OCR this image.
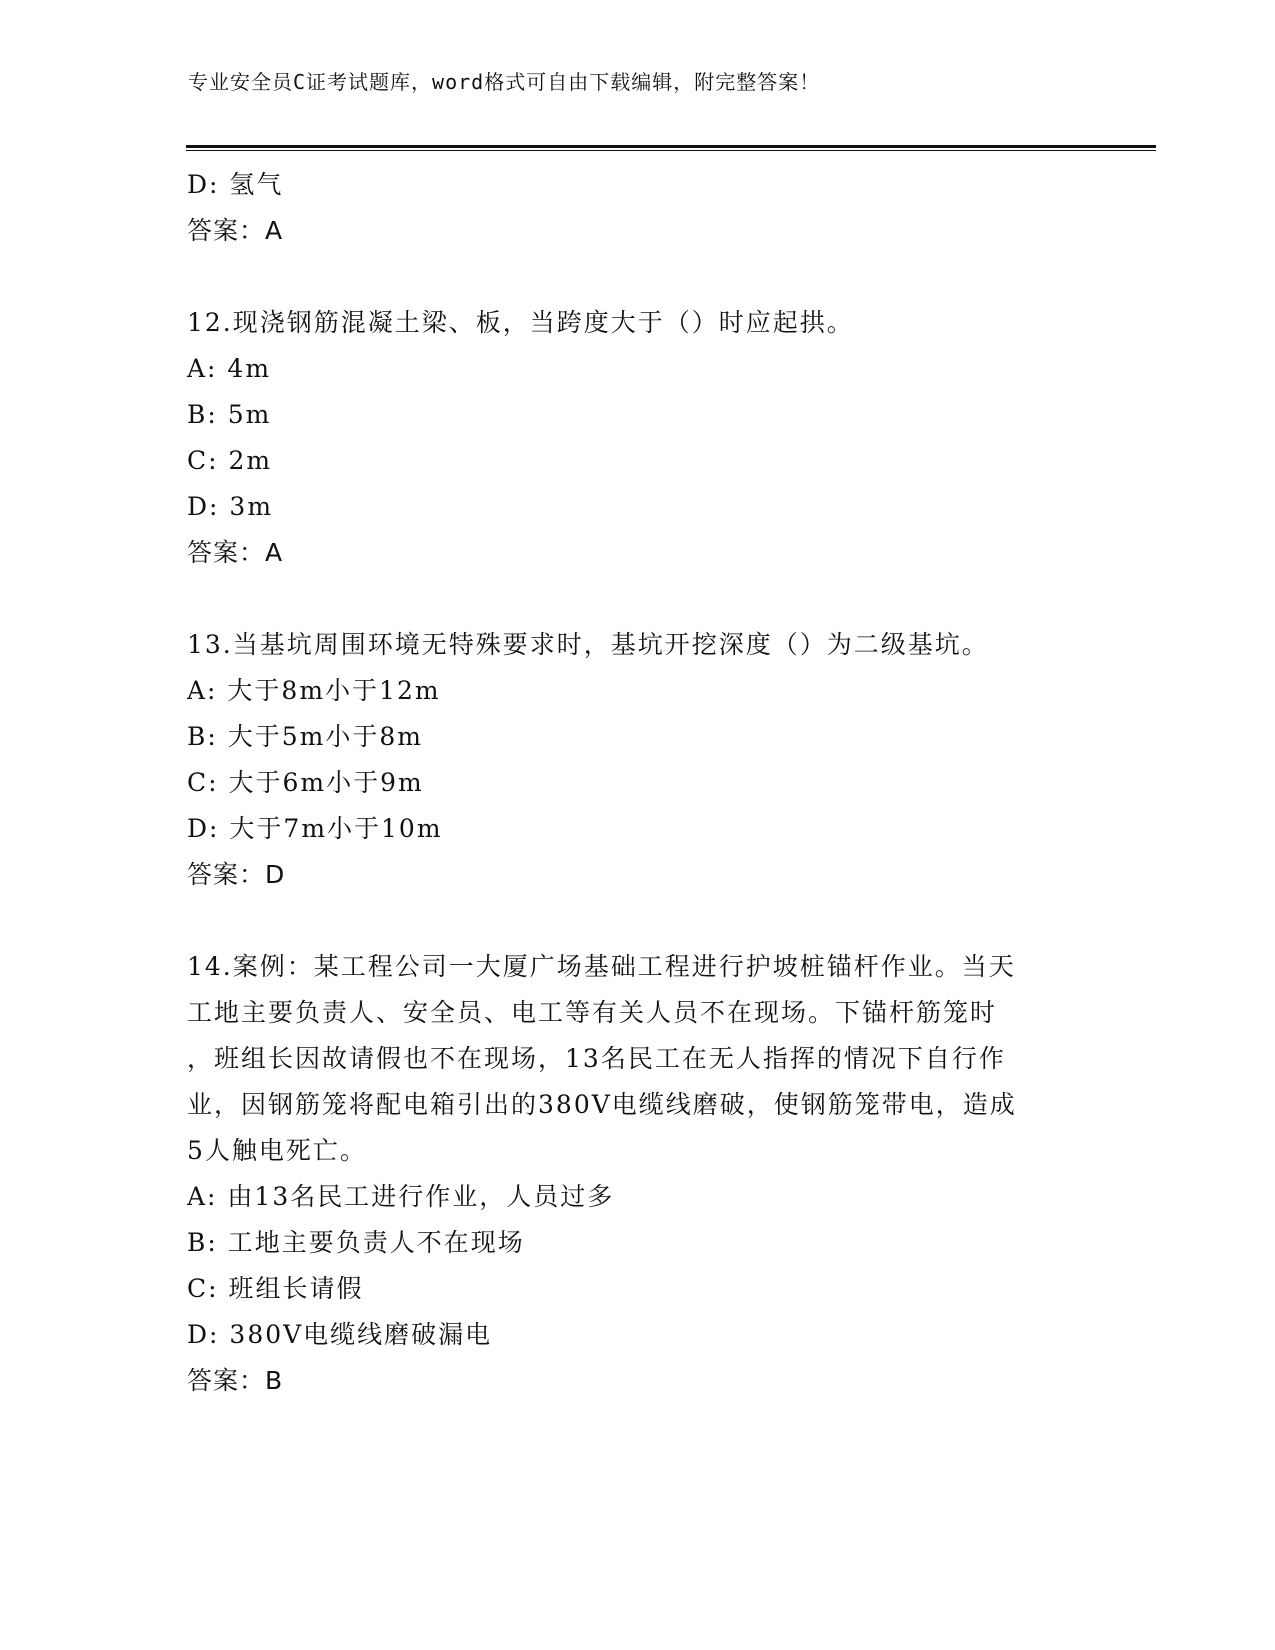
专业安全员C证考试题库，word格式可自由下载编辑，附完整答案！
D: 氢气
答案：A
12.现浇钢筋混凝土梁、板，当跨度大于（）时应起拱。
A: 4m
B: 5m
C: 2m
D: 3m
答案：A
13.当基坑周围环境无特殊要求时，基坑开挖深度（）为二级基坑。
A: 大于8m小于12m
B: 大于5m小于8m
C: 大于6m小于9m
D: 大于7m小于10m
答案：D
14.案例：某工程公司一大厦广场基础工程进行护坡桩锚杆作业。当天
工地主要负责人、安全员、电工等有关人员不在现场。下锚杆筋笼时
，班组长因故请假也不在现场，13名民工在无人指挥的情况下自行作
业，因钢筋笼将配电箱引出的380V电缆线磨破，使钢筋笼带电，造成
5人触电死亡。
A: 由13名民工进行作业，人员过多
B: 工地主要负责人不在现场
C: 班组长请假
D: 380V电缆线磨破漏电
答案：B
